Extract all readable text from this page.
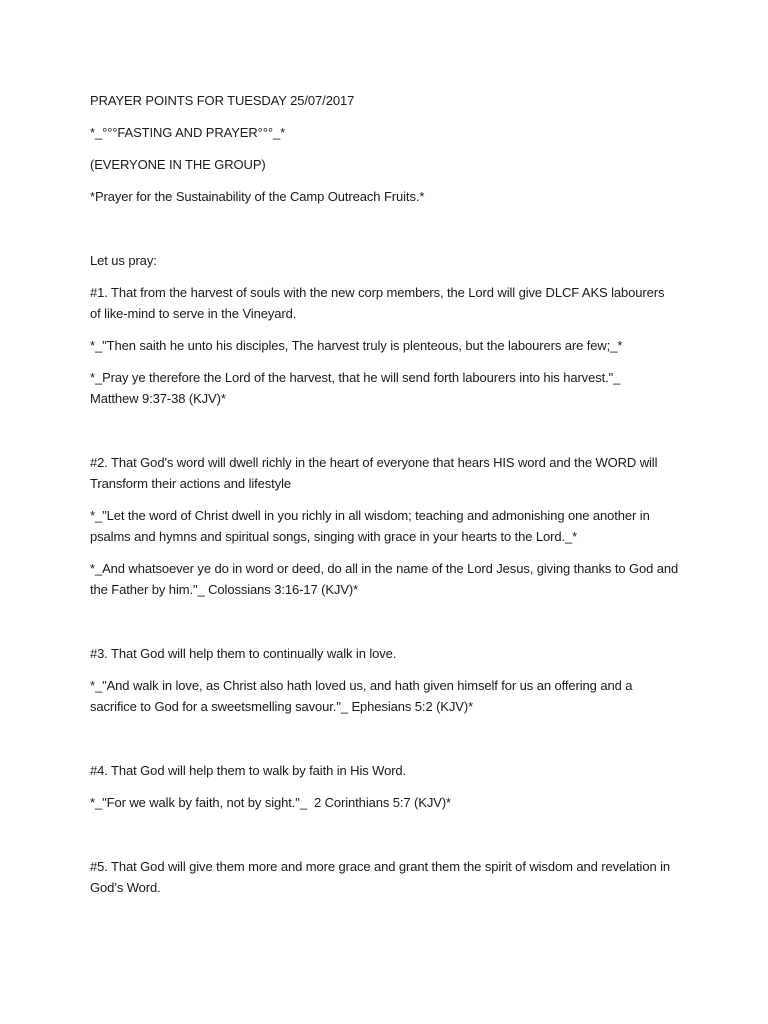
PRAYER POINTS FOR TUESDAY 25/07/2017

*_°°°FASTING AND PRAYER°°°_*

(EVERYONE IN THE GROUP)

*Prayer for the Sustainability of the Camp Outreach Fruits.*

Let us pray:

#1. That from the harvest of souls with the new corp members, the Lord will give DLCF AKS labourers of like-mind to serve in the Vineyard.

*_"Then saith he unto his disciples, The harvest truly is plenteous, but the labourers are few;_*

*_Pray ye therefore the Lord of the harvest, that he will send forth labourers into his harvest."_ Matthew 9:37-38 (KJV)*

#2. That God's word will dwell richly in the heart of everyone that hears HIS word and the WORD will Transform their actions and lifestyle

*_"Let the word of Christ dwell in you richly in all wisdom; teaching and admonishing one another in psalms and hymns and spiritual songs, singing with grace in your hearts to the Lord._*

*_And whatsoever ye do in word or deed, do all in the name of the Lord Jesus, giving thanks to God and the Father by him."_ Colossians 3:16-17 (KJV)*

#3. That God will help them to continually walk in love.

*_"And walk in love, as Christ also hath loved us, and hath given himself for us an offering and a sacrifice to God for a sweetsmelling savour."_ Ephesians 5:2 (KJV)*

#4. That God will help them to walk by faith in His Word.

*_"For we walk by faith, not by sight."_  2 Corinthians 5:7 (KJV)*

#5. That God will give them more and more grace and grant them the spirit of wisdom and revelation in God’s Word.
